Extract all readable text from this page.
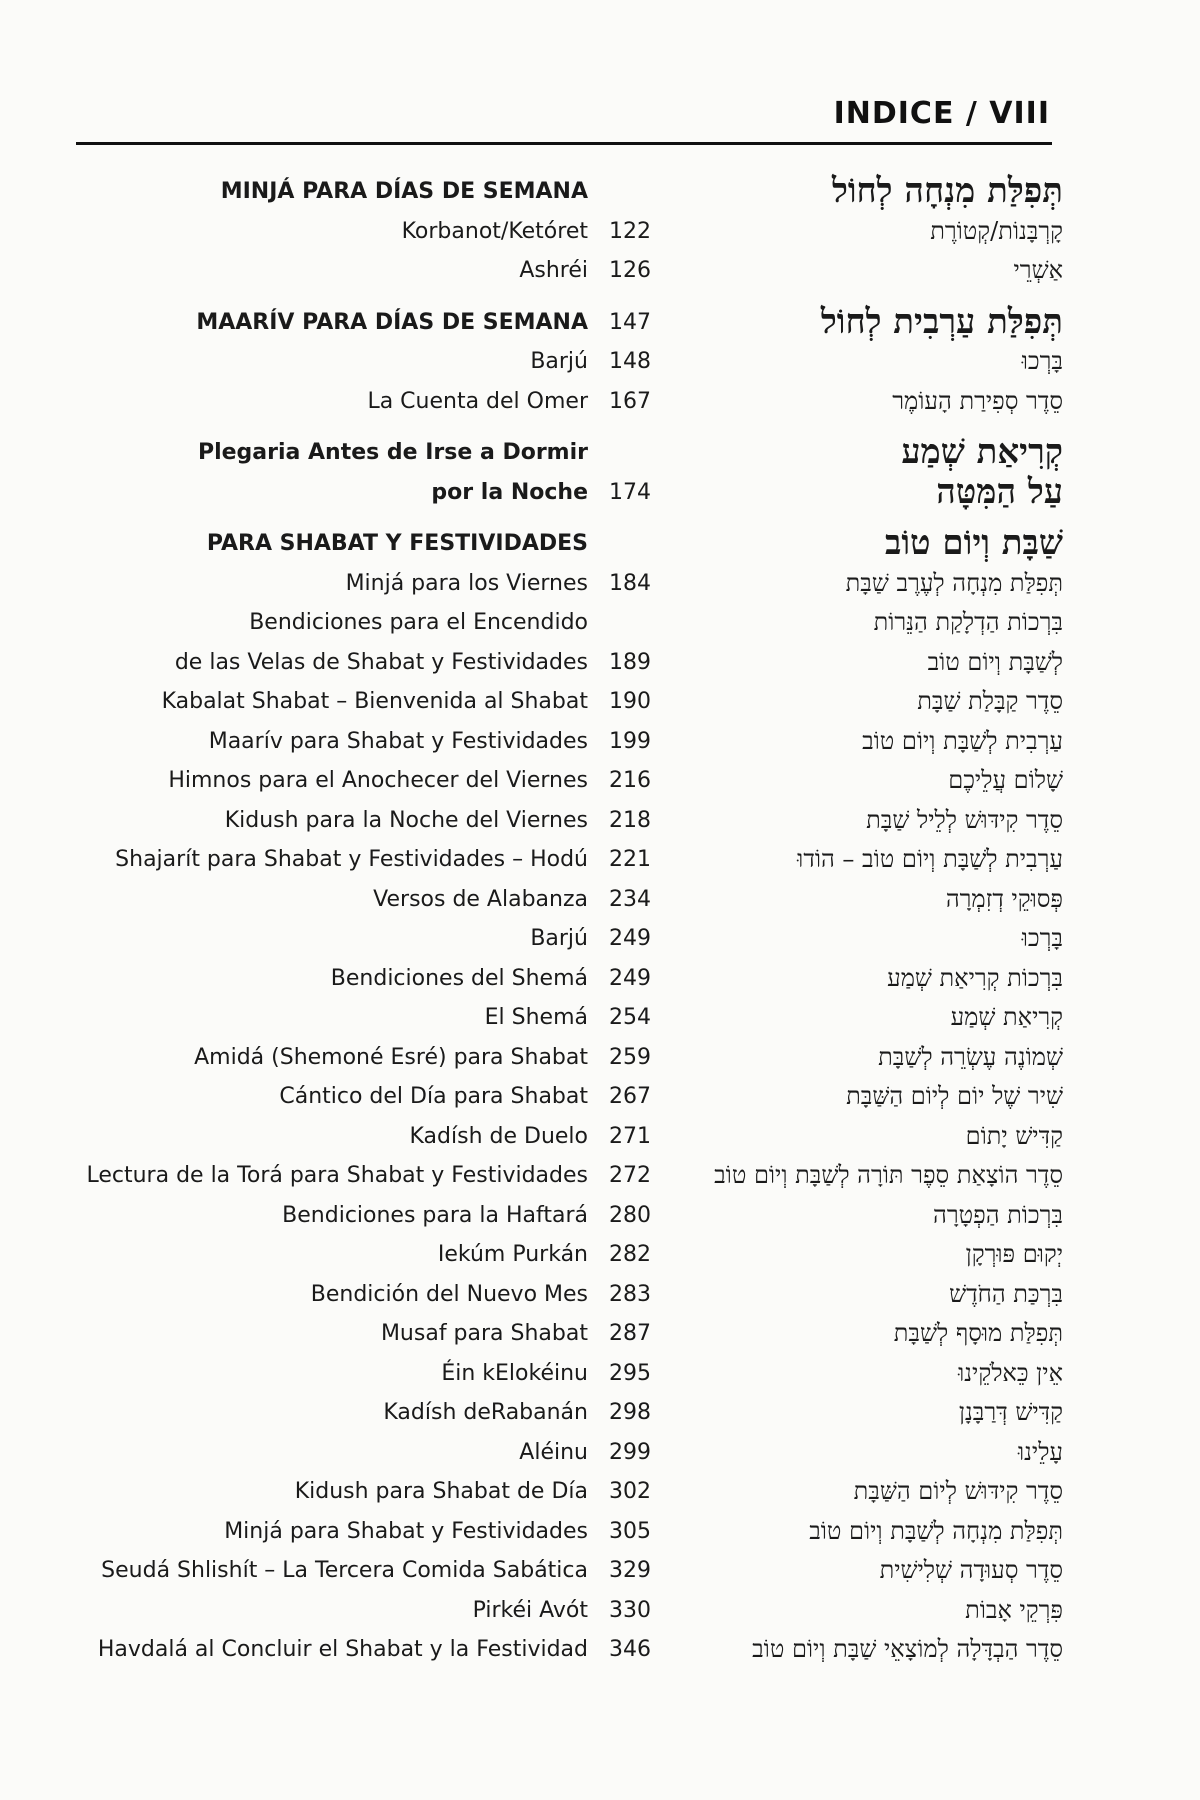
INDICE / VIII
MINJÁ PARA DÍAS DE SEMANA	תְּפִלַּת מִנְחָה לְחוֹל
Korbanot/Ketóret 122	קָרְבָּנוֹת/קְטוֹרֶת
Ashréi 126	אַשְׁרֵי
MAARÍV PARA DÍAS DE SEMANA 147	תְּפִלַּת עַרְבִית לְחוֹל
Barjú 148	בָּרְכוּ
La Cuenta del Omer 167	סֵדֶר סְפִירַת הָעוֹמֶר
Plegaria Antes de Irse a Dormir	קְרִיאַת שְׁמַע
por la Noche 174	עַל הַמִּטָּה
PARA SHABAT Y FESTIVIDADES	שַׁבָּת וְיוֹם טוֹב
Minjá para los Viernes 184	תְּפִלַּת מִנְחָה לְעֶרֶב שַׁבָּת
Bendiciones para el Encendido	בִּרְכוֹת הַדְלָקַת הַנֵּרוֹת
de las Velas de Shabat y Festividades 189	לְשַׁבָּת וְיוֹם טוֹב
Kabalat Shabat – Bienvenida al Shabat 190	סֵדֶר קַבָּלַת שַׁבָּת
Maarív para Shabat y Festividades 199	עַרְבִית לְשַׁבָּת וְיוֹם טוֹב
Himnos para el Anochecer del Viernes 216	שָׁלוֹם עֲלֵיכֶם
Kidush para la Noche del Viernes 218	סֵדֶר קִידּוּשׁ לְלֵיל שַׁבָּת
Shajarít para Shabat y Festividades – Hodú 221	עַרְבִית לְשַׁבָּת וְיוֹם טוֹב – הוֹדוּ
Versos de Alabanza 234	פְּסוּקֵי דְזִמְרָה
Barjú 249	בָּרְכוּ
Bendiciones del Shemá 249	בִּרְכוֹת קְרִיאַת שְׁמַע
El Shemá 254	קְרִיאַת שְׁמַע
Amidá (Shemoné Esré) para Shabat 259	שְׁמוֹנֶה עֶשְׂרֵה לְשַׁבָּת
Cántico del Día para Shabat 267	שִׁיר שֶׁל יוֹם לְיוֹם הַשַּׁבָּת
Kadísh de Duelo 271	קַדִּישׁ יָתוֹם
Lectura de la Torá para Shabat y Festividades 272	סֵדֶר הוֹצָאַת סֵפֶר תּוֹרָה לְשַׁבָּת וְיוֹם טוֹב
Bendiciones para la Haftará 280	בִּרְכוֹת הַפְטָרָה
Iekúm Purkán 282	יְקוּם פּוּרְקָן
Bendición del Nuevo Mes 283	בִּרְכַּת הַחֹדֶשׁ
Musaf para Shabat 287	תְּפִלַּת מוּסָף לְשַׁבָּת
Éin kElokéinu 295	אֵין כֵּאלֹקֵינוּ
Kadísh deRabanán 298	קַדִּישׁ דְּרַבָּנָן
Aléinu 299	עָלֵינוּ
Kidush para Shabat de Día 302	סֵדֶר קִידּוּשׁ לְיוֹם הַשַּׁבָּת
Minjá para Shabat y Festividades 305	תְּפִלַּת מִנְחָה לְשַׁבָּת וְיוֹם טוֹב
Seudá Shlishít – La Tercera Comida Sabática 329	סֵדֶר סְעוּדָה שְׁלִישִׁית
Pirkéi Avót 330	פִּרְקֵי אָבוֹת
Havdalá al Concluir el Shabat y la Festividad 346	סֵדֶר הַבְדָּלָה לְמוֹצָאֵי שַׁבָּת וְיוֹם טוֹב
